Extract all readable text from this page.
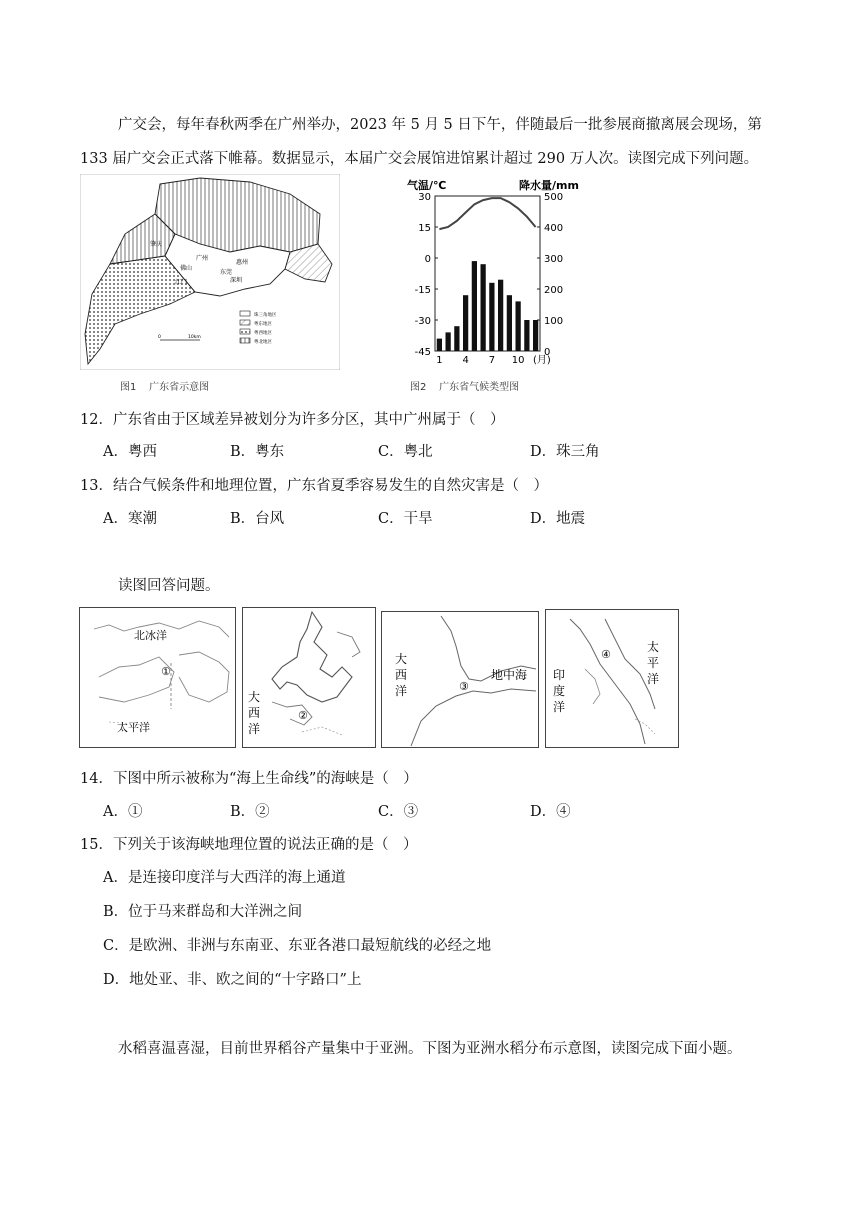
广交会，每年春秋两季在广州举办，2023 年 5 月 5 日下午，伴随最后一批参展商撤离展会现场，第
133 届广交会正式落下帷幕。数据显示，本届广交会展馆进馆累计超过 290 万人次。读图完成下列问题。
肇庆
广州
佛山
惠州
江门
东莞
深圳
珠三角地区
粤东地区
粤西地区
粤北地区
0	10km
图1 广东省示意图
气温/℃	降水量/mm
30
15
0
-15
-30
-45
500
400
300
200
100
0
1 4 7 10 (月)
图2 广东省气候类型图
12．广东省由于区域差异被划分为许多分区，其中广州属于（　）
A．粤西	B．粤东	C．粤北	D．珠三角
13．结合气候条件和地理位置，广东省夏季容易发生的自然灾害是（　）
A．寒潮	B．台风	C．干旱	D．地震
读图回答问题。
北冰洋
①
太平洋
大
西
洋
②
大
西
洋	③
地中海
④
印
度
洋
太
平
洋
14．下图中所示被称为“海上生命线”的海峡是（　）
A．①	B．②	C．③	D．④
15．下列关于该海峡地理位置的说法正确的是（　）
A．是连接印度洋与大西洋的海上通道
B．位于马来群岛和大洋洲之间
C．是欧洲、非洲与东南亚、东亚各港口最短航线的必经之地
D．地处亚、非、欧之间的“十字路口”上
水稻喜温喜湿，目前世界稻谷产量集中于亚洲。下图为亚洲水稻分布示意图，读图完成下面小题。
